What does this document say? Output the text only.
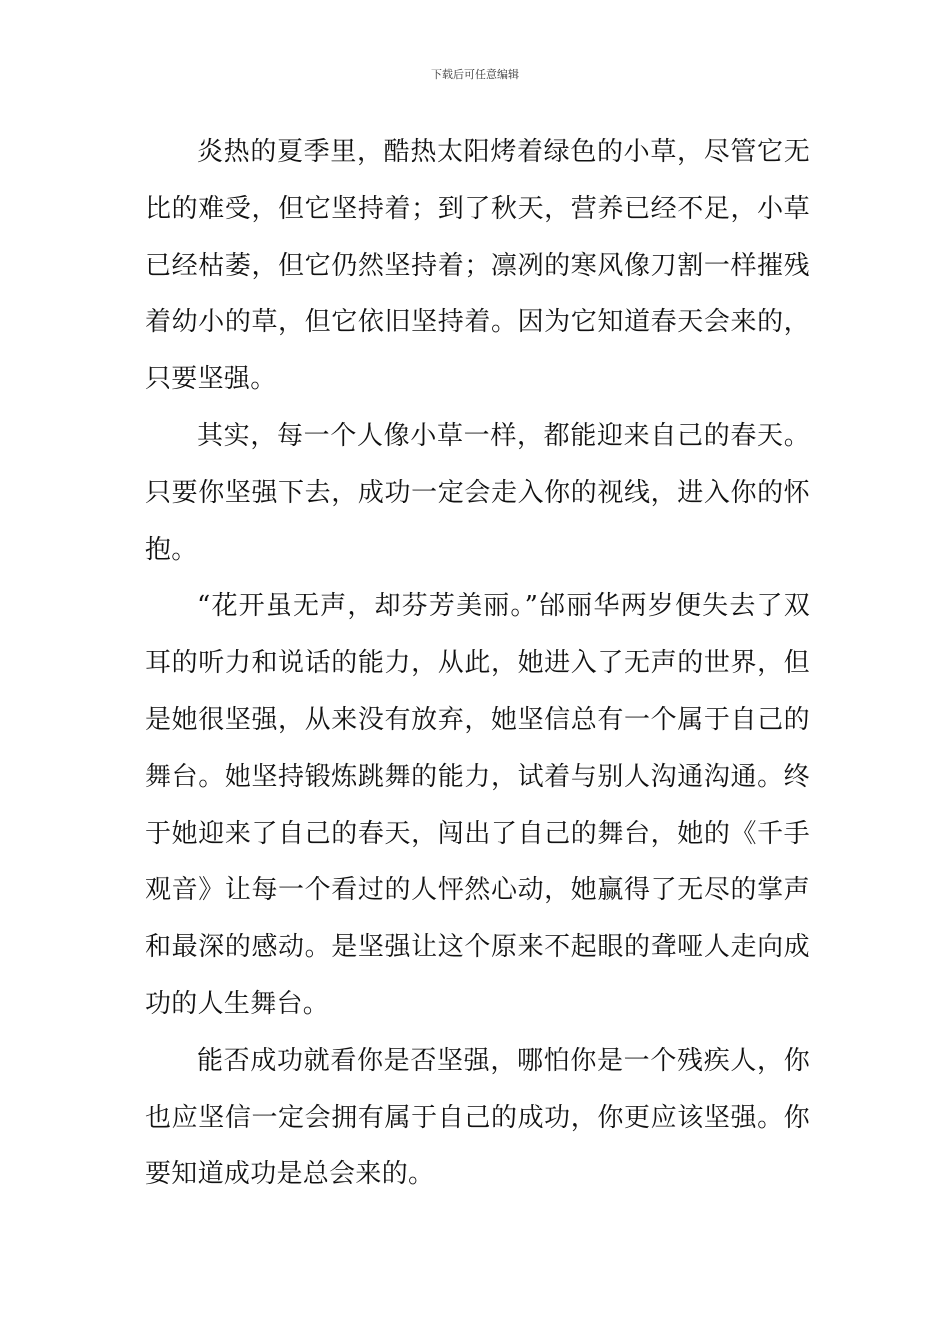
下载后可任意编辑

炎热的夏季里，酷热太阳烤着绿色的小草，尽管它无比的难受，但它坚持着；到了秋天，营养已经不足，小草已经枯萎，但它仍然坚持着；凛冽的寒风像刀割一样摧残着幼小的草，但它依旧坚持着。因为它知道春天会来的，只要坚强。

其实，每一个人像小草一样，都能迎来自己的春天。只要你坚强下去，成功一定会走入你的视线，进入你的怀抱。

“花开虽无声，却芬芳美丽。”邰丽华两岁便失去了双耳的听力和说话的能力，从此，她进入了无声的世界，但是她很坚强，从来没有放弃，她坚信总有一个属于自己的舞台。她坚持锻炼跳舞的能力，试着与别人沟通沟通。终于她迎来了自己的春天，闯出了自己的舞台，她的《千手观音》让每一个看过的人怦然心动，她赢得了无尽的掌声和最深的感动。是坚强让这个原来不起眼的聋哑人走向成功的人生舞台。

能否成功就看你是否坚强，哪怕你是一个残疾人，你也应坚信一定会拥有属于自己的成功，你更应该坚强。你要知道成功是总会来的。
